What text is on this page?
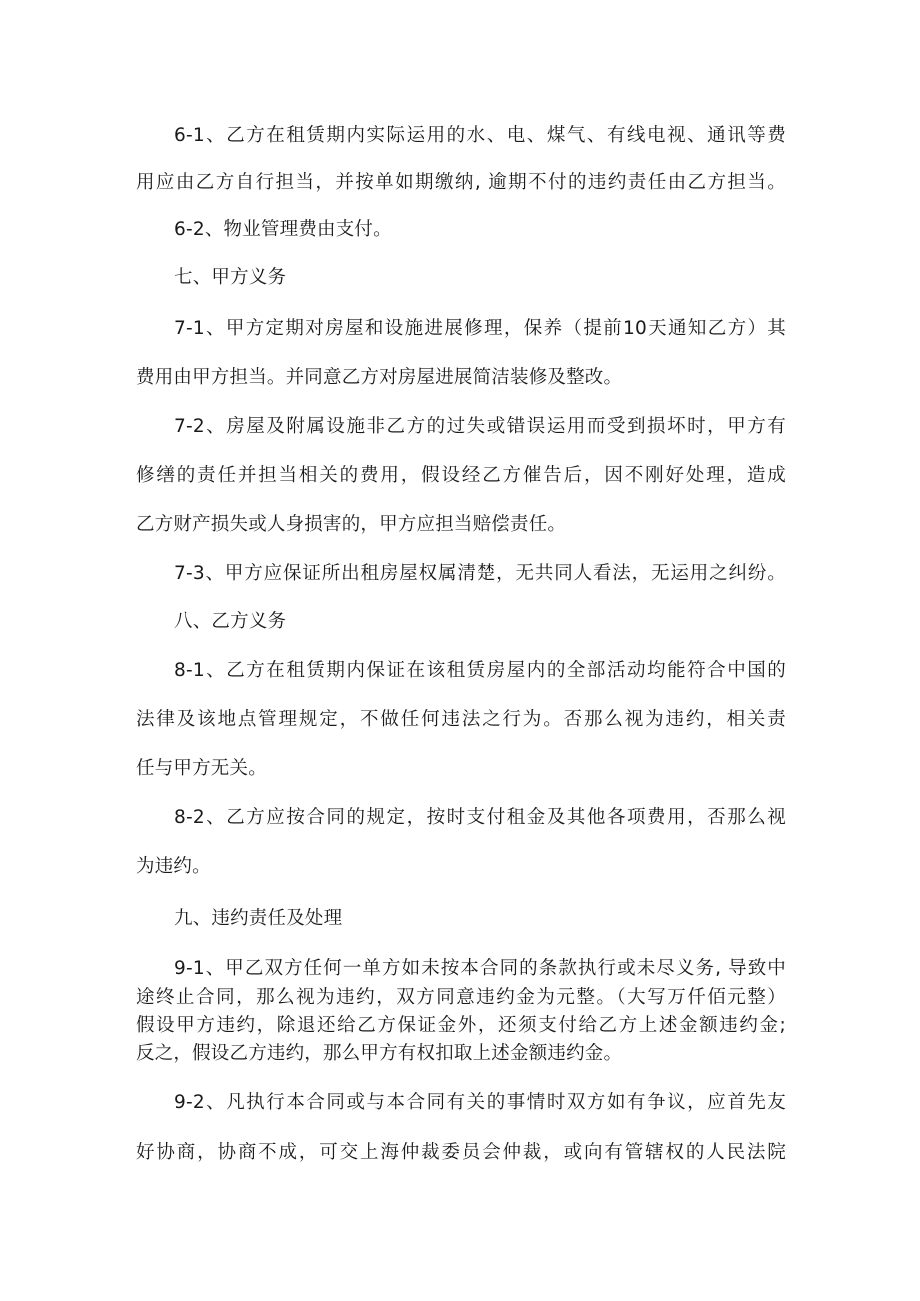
6-1、乙方在租赁期内实际运用的水、电、煤气、有线电视、通讯等费
用应由乙方自行担当，并按单如期缴纳, 逾期不付的违约责任由乙方担当。
6-2、物业管理费由支付。
七、甲方义务
7-1、甲方定期对房屋和设施进展修理，保养（提前10天通知乙方）其
费用由甲方担当。并同意乙方对房屋进展简洁装修及整改。
7-2、房屋及附属设施非乙方的过失或错误运用而受到损坏时，甲方有
修缮的责任并担当相关的费用，假设经乙方催告后，因不刚好处理，造成
乙方财产损失或人身损害的，甲方应担当赔偿责任。
7-3、甲方应保证所出租房屋权属清楚，无共同人看法，无运用之纠纷。
八、乙方义务
8-1、乙方在租赁期内保证在该租赁房屋内的全部活动均能符合中国的
法律及该地点管理规定，不做任何违法之行为。否那么视为违约，相关责
任与甲方无关。
8-2、乙方应按合同的规定，按时支付租金及其他各项费用，否那么视
为违约。
九、违约责任及处理
9-1、甲乙双方任何一单方如未按本合同的条款执行或未尽义务, 导致中
途终止合同，那么视为违约，双方同意违约金为元整。（大写万仟佰元整）
假设甲方违约，除退还给乙方保证金外，还须支付给乙方上述金额违约金;
反之，假设乙方违约，那么甲方有权扣取上述金额违约金。
9-2、凡执行本合同或与本合同有关的事情时双方如有争议，应首先友
好协商，协商不成，可交上海仲裁委员会仲裁，或向有管辖权的人民法院
